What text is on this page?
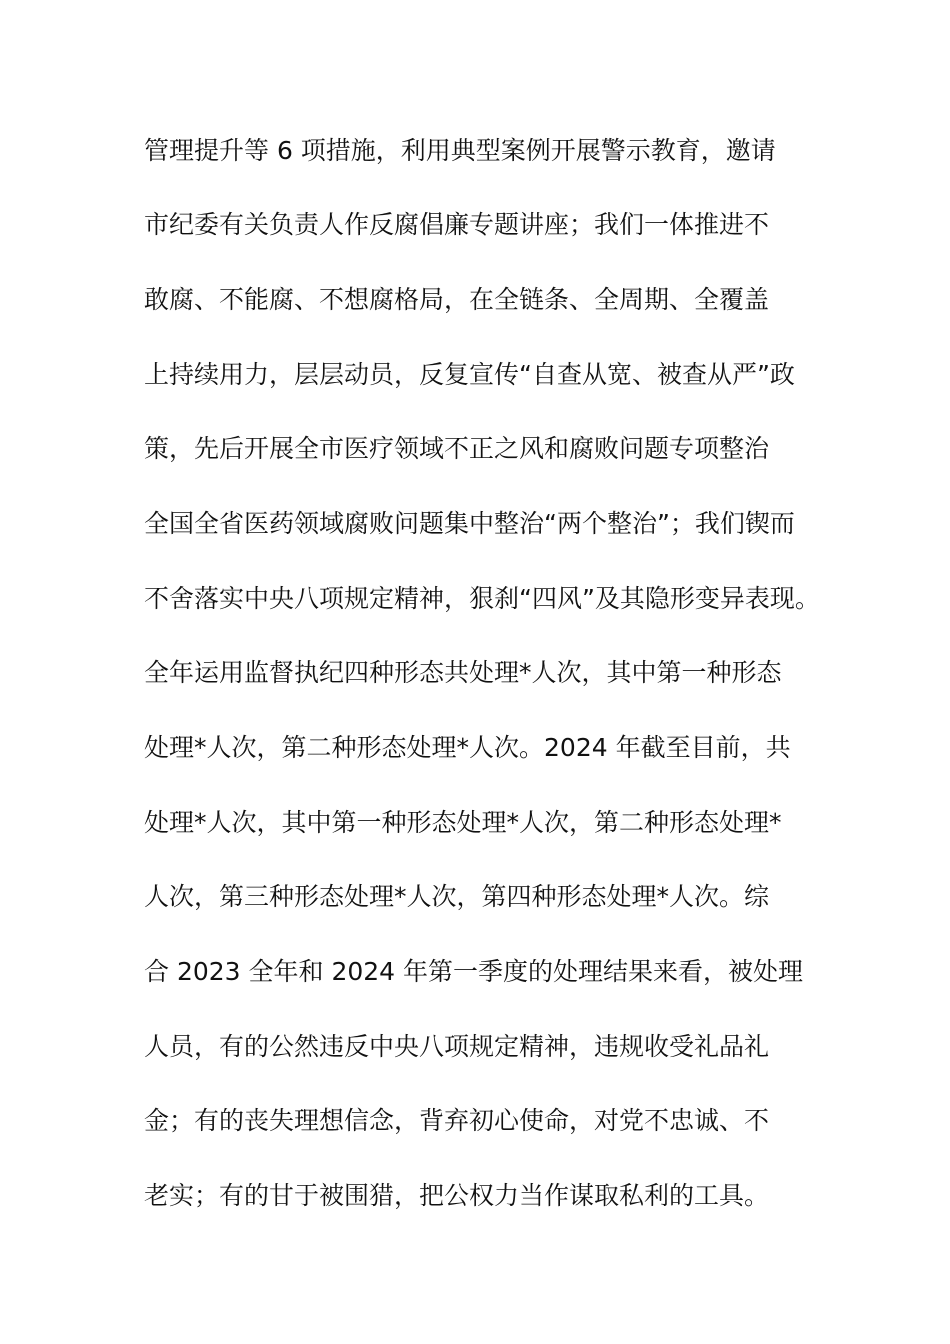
管理提升等 6 项措施，利用典型案例开展警示教育，邀请
市纪委有关负责人作反腐倡廉专题讲座；我们一体推进不
敢腐、不能腐、不想腐格局，在全链条、全周期、全覆盖
上持续用力，层层动员，反复宣传“自查从宽、被查从严”政
策，先后开展全市医疗领域不正之风和腐败问题专项整治
全国全省医药领域腐败问题集中整治“两个整治”；我们锲而
不舍落实中央八项规定精神，狠刹“四风”及其隐形变异表现。
全年运用监督执纪四种形态共处理*人次，其中第一种形态
处理*人次，第二种形态处理*人次。2024 年截至目前，共
处理*人次，其中第一种形态处理*人次，第二种形态处理*
人次，第三种形态处理*人次，第四种形态处理*人次。综
合 2023 全年和 2024 年第一季度的处理结果来看，被处理
人员，有的公然违反中央八项规定精神，违规收受礼品礼
金；有的丧失理想信念，背弃初心使命，对党不忠诚、不
老实；有的甘于被围猎，把公权力当作谋取私利的工具。
